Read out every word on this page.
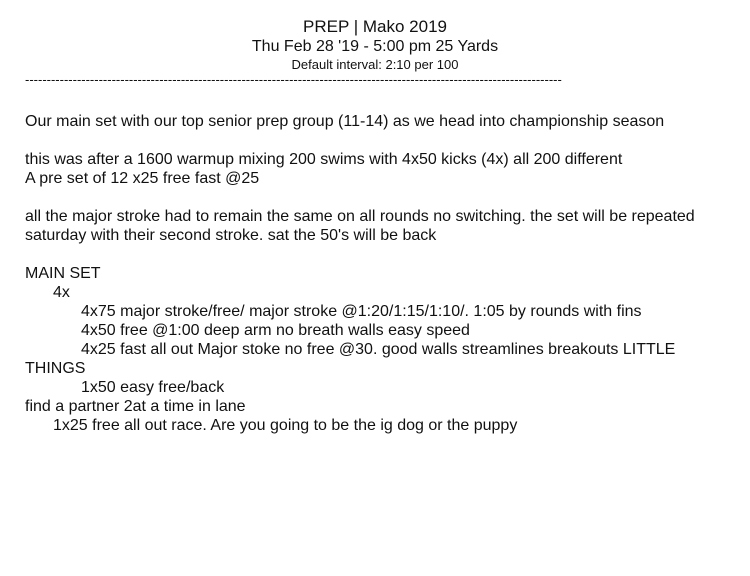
PREP | Mako 2019
Thu Feb 28 '19 - 5:00 pm 25 Yards
Default interval: 2:10 per 100
----------------------------------------------------------------------------------------------------------------------------
Our main set with our top senior prep group (11-14) as we head into championship season
this was after a 1600 warmup mixing 200 swims with 4x50 kicks (4x) all 200 different
A pre set of 12 x25 free fast @25
all the major stroke had to remain the same on all rounds no switching. the set will be repeated
saturday with their second stroke. sat the 50's will be back
MAIN SET
4x
4x75 major stroke/free/ major stroke @1:20/1:15/1:10/. 1:05 by rounds with fins
4x50 free @1:00 deep arm no breath walls easy speed
4x25 fast all out Major stoke no free @30. good walls streamlines breakouts LITTLE
THINGS
1x50 easy free/back
find a partner 2at a time in lane
1x25 free all out race. Are you going to be the ig dog or the puppy
